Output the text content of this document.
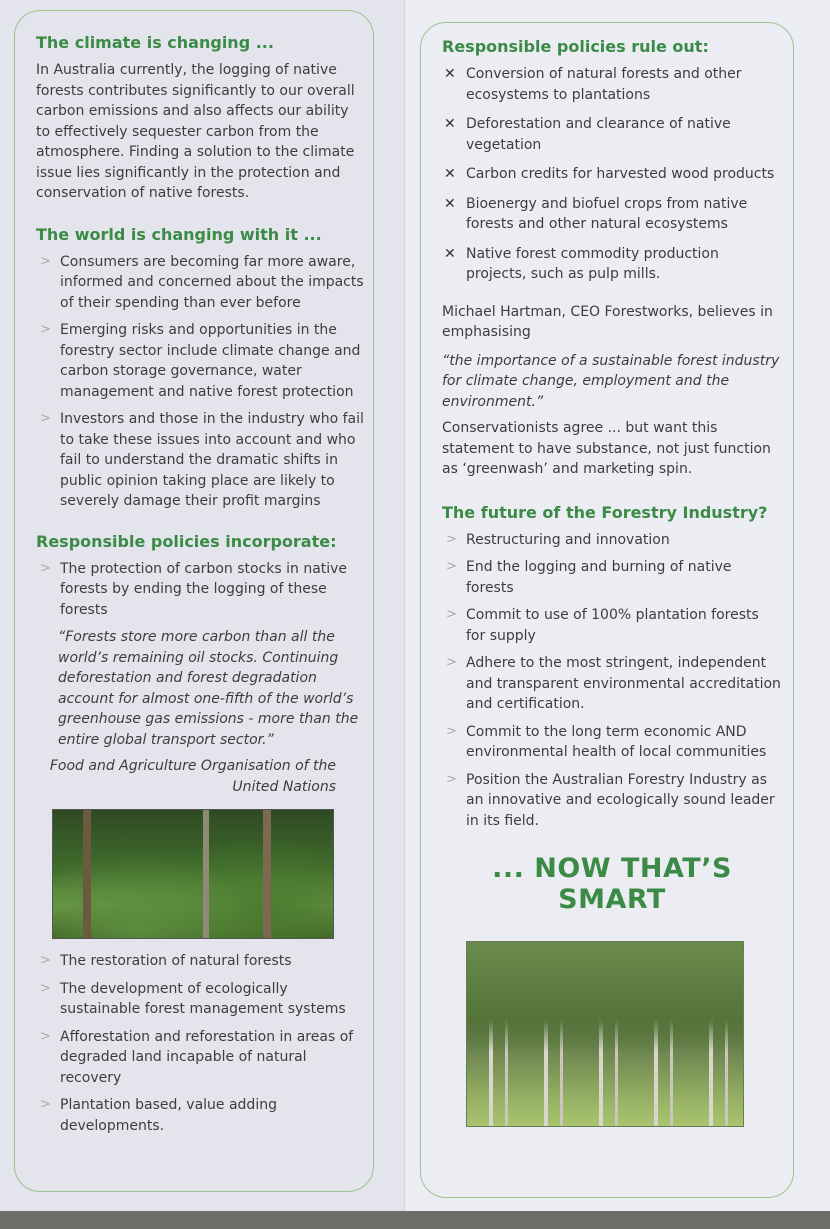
The climate is changing ...

In Australia currently, the logging of native forests contributes significantly to our overall carbon emissions and also affects our ability to effectively sequester carbon from the atmosphere. Finding a solution to the climate issue lies significantly in the protection and conservation of native forests.

The world is changing with it ...
> Consumers are becoming far more aware, informed and concerned about the impacts of their spending than ever before
> Emerging risks and opportunities in the forestry sector include climate change and carbon storage governance, water management and native forest protection
> Investors and those in the industry who fail to take these issues into account and who fail to understand the dramatic shifts in public opinion taking place are likely to severely damage their profit margins
Responsible policies incorporate:
> The protection of carbon stocks in native forests by ending the logging of these forests

“Forests store more carbon than all the world’s remaining oil stocks. Continuing deforestation and forest degradation account for almost one-fifth of the world’s greenhouse gas emissions - more than the entire global transport sector.”

Food and Agriculture Organisation of the United Nations

> The restoration of natural forests
> The development of ecologically sustainable forest management systems
> Afforestation and reforestation in areas of degraded land incapable of natural recovery
> Plantation based, value adding developments.
Responsible policies rule out:
✕ Conversion of natural forests and other ecosystems to plantations
✕ Deforestation and clearance of native vegetation
✕ Carbon credits for harvested wood products
✕ Bioenergy and biofuel crops from native forests and other natural ecosystems
✕ Native forest commodity production projects, such as pulp mills.

Michael Hartman, CEO Forestworks, believes in emphasising

“the importance of a sustainable forest industry for climate change, employment and the environment.”

Conservationists agree ... but want this statement to have substance, not just function as ‘greenwash’ and marketing spin.

The future of the Forestry Industry?
> Restructuring and innovation
> End the logging and burning of native forests
> Commit to use of 100% plantation forests for supply
> Adhere to the most stringent, independent and transparent environmental accreditation and certification.
> Commit to the long term economic AND environmental health of local communities
> Position the Australian Forestry Industry as an innovative and ecologically sound leader in its field.
... NOW THAT’S SMART
